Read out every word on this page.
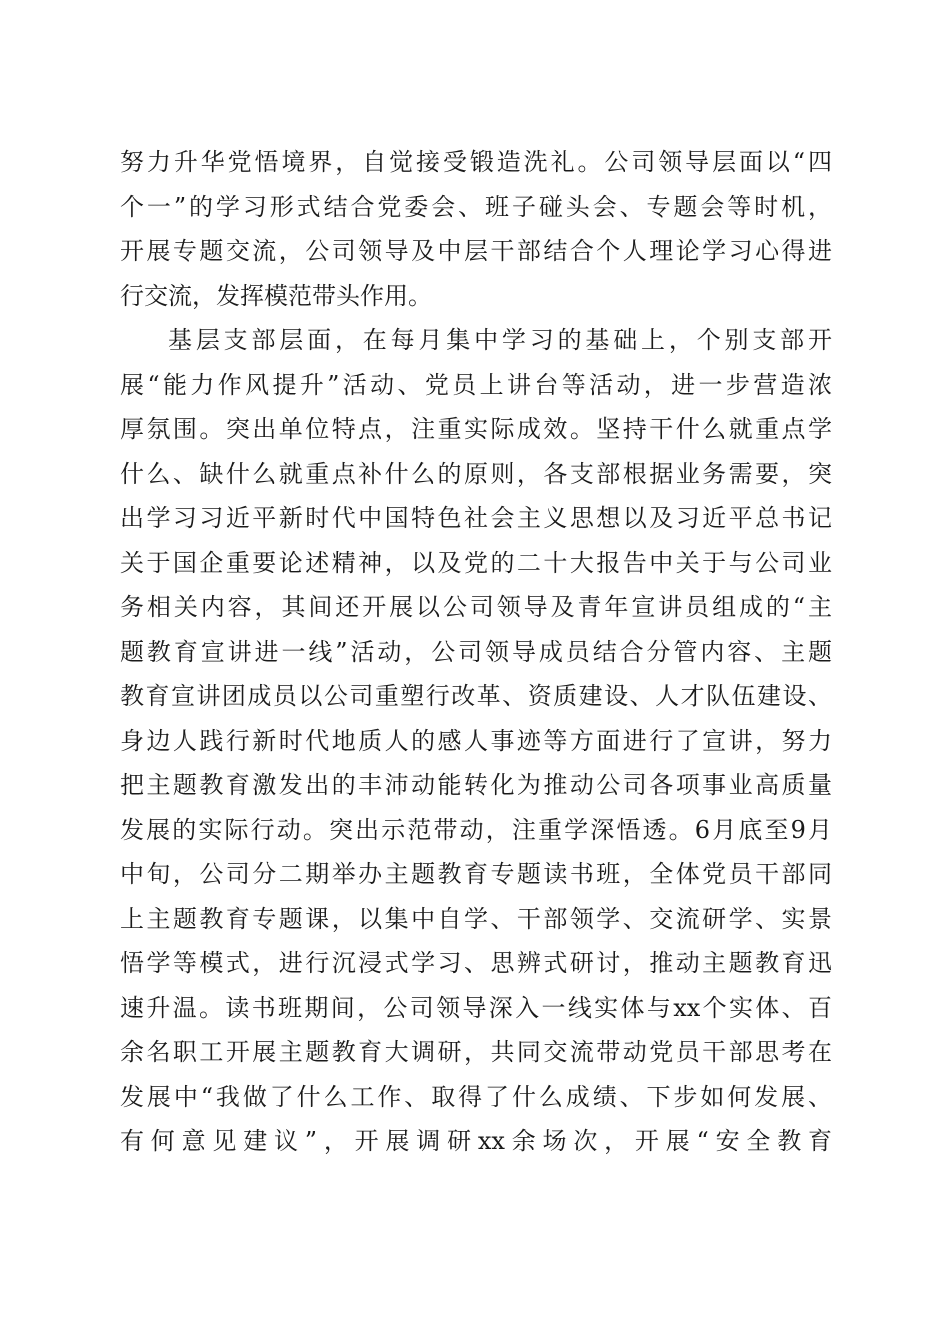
努力升华党悟境界，自觉接受锻造洗礼。公司领导层面以“四
个一”的学习形式结合党委会、班子碰头会、专题会等时机，
开展专题交流，公司领导及中层干部结合个人理论学习心得进
行交流，发挥模范带头作用。
基层支部层面，在每月集中学习的基础上，个别支部开
展“能力作风提升”活动、党员上讲台等活动，进一步营造浓
厚氛围。突出单位特点，注重实际成效。坚持干什么就重点学
什么、缺什么就重点补什么的原则，各支部根据业务需要，突
出学习习近平新时代中国特色社会主义思想以及习近平总书记
关于国企重要论述精神，以及党的二十大报告中关于与公司业
务相关内容，其间还开展以公司领导及青年宣讲员组成的“主
题教育宣讲进一线”活动，公司领导成员结合分管内容、主题
教育宣讲团成员以公司重塑行改革、资质建设、人才队伍建设、
身边人践行新时代地质人的感人事迹等方面进行了宣讲，努力
把主题教育激发出的丰沛动能转化为推动公司各项事业高质量
发展的实际行动。突出示范带动，注重学深悟透。6月底至9月
中旬，公司分二期举办主题教育专题读书班，全体党员干部同
上主题教育专题课，以集中自学、干部领学、交流研学、实景
悟学等模式，进行沉浸式学习、思辨式研讨，推动主题教育迅
速升温。读书班期间，公司领导深入一线实体与xx个实体、百
余名职工开展主题教育大调研，共同交流带动党员干部思考在
发展中“我做了什么工作、取得了什么成绩、下步如何发展、
有何意见建议”，开展调研xx余场次，开展“安全教育
